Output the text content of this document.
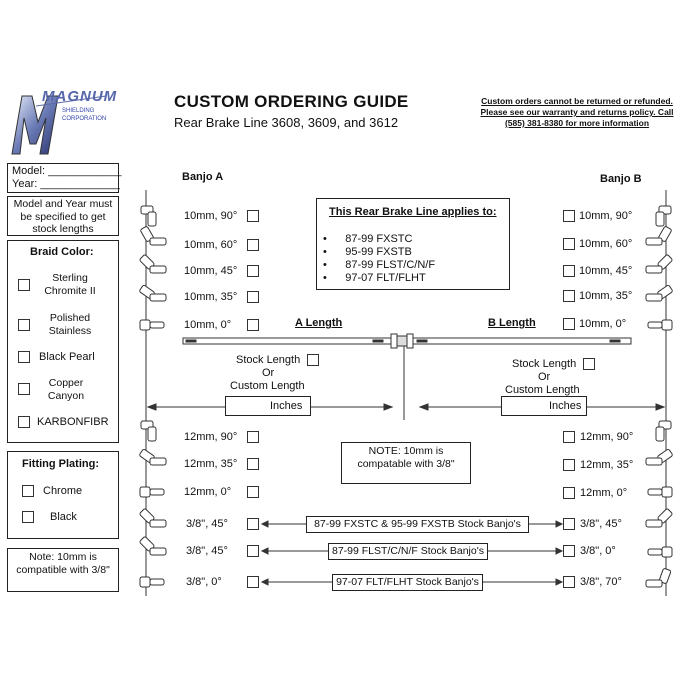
MAGNUM
SHIELDING
CORPORATION
CUSTOM ORDERING GUIDE
Rear Brake Line 3608, 3609, and 3612
Custom orders cannot be returned or refunded. Please see our warranty and returns policy. Call (585) 381-8380 for more information
Model: ____________
Year: _____________
Model and Year must be specified to get stock lengths
Braid Color:
Sterling Chromite II
Polished Stainless
Black Pearl
Copper Canyon
KARBONFIBR
Fitting Plating:
Chrome
Black
Note: 10mm is compatible with 3/8"
Banjo A
10mm, 90°
10mm, 60°
10mm, 45°
10mm, 35°
10mm, 0°
12mm, 90°
12mm, 35°
12mm, 0°
3/8", 45°
3/8", 45°
3/8", 0°
Banjo B
10mm, 90°
10mm, 60°
10mm, 45°
10mm, 35°
10mm, 0°
12mm, 90°
12mm, 35°
12mm, 0°
3/8", 45°
3/8", 0°
3/8", 70°
This Rear Brake Line applies to:
•      87-99 FXSTC
•      95-99 FXSTB
•      87-99 FLST/C/N/F
•      97-07 FLT/FLHT
A Length	B Length
Stock Length
Or
Custom Length
Inches
Stock Length
Or
Custom Length
Inches
NOTE: 10mm is compatable with 3/8"
87-99 FXSTC & 95-99 FXSTB Stock Banjo's
87-99 FLST/C/N/F Stock Banjo's
97-07 FLT/FLHT Stock Banjo's
